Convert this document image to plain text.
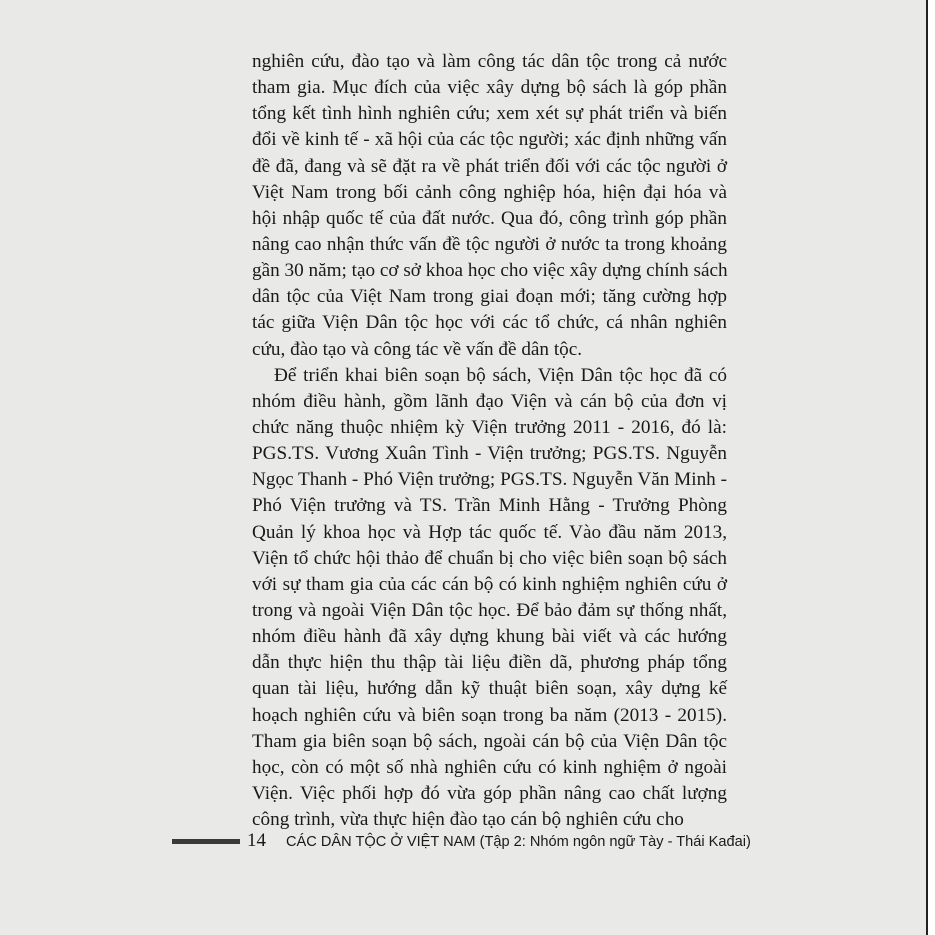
nghiên cứu, đào tạo và làm công tác dân tộc trong cả nước
tham gia. Mục đích của việc xây dựng bộ sách là góp phần
tổng kết tình hình nghiên cứu; xem xét sự phát triển và biến
đổi về kinh tế - xã hội của các tộc người; xác định những vấn
đề đã, đang và sẽ đặt ra về phát triển đối với các tộc người ở
Việt Nam trong bối cảnh công nghiệp hóa, hiện đại hóa và
hội nhập quốc tế của đất nước. Qua đó, công trình góp phần
nâng cao nhận thức vấn đề tộc người ở nước ta trong khoảng
gần 30 năm; tạo cơ sở khoa học cho việc xây dựng chính sách
dân tộc của Việt Nam trong giai đoạn mới; tăng cường hợp
tác giữa Viện Dân tộc học với các tổ chức, cá nhân nghiên
cứu, đào tạo và công tác về vấn đề dân tộc.
Để triển khai biên soạn bộ sách, Viện Dân tộc học đã có
nhóm điều hành, gồm lãnh đạo Viện và cán bộ của đơn vị
chức năng thuộc nhiệm kỳ Viện trưởng 2011 - 2016, đó là:
PGS.TS. Vương Xuân Tình - Viện trưởng; PGS.TS. Nguyễn
Ngọc Thanh - Phó Viện trưởng; PGS.TS. Nguyễn Văn Minh -
Phó Viện trưởng và TS. Trần Minh Hằng - Trưởng Phòng
Quản lý khoa học và Hợp tác quốc tế. Vào đầu năm 2013,
Viện tổ chức hội thảo để chuẩn bị cho việc biên soạn bộ sách
với sự tham gia của các cán bộ có kinh nghiệm nghiên cứu ở
trong và ngoài Viện Dân tộc học. Để bảo đảm sự thống nhất,
nhóm điều hành đã xây dựng khung bài viết và các hướng
dẫn thực hiện thu thập tài liệu điền dã, phương pháp tổng
quan tài liệu, hướng dẫn kỹ thuật biên soạn, xây dựng kế
hoạch nghiên cứu và biên soạn trong ba năm (2013 - 2015).
Tham gia biên soạn bộ sách, ngoài cán bộ của Viện Dân tộc
học, còn có một số nhà nghiên cứu có kinh nghiệm ở ngoài
Viện. Việc phối hợp đó vừa góp phần nâng cao chất lượng
công trình, vừa thực hiện đào tạo cán bộ nghiên cứu cho
14 CÁC DÂN TỘC Ở VIỆT NAM (Tập 2: Nhóm ngôn ngữ Tày - Thái Kađai)
